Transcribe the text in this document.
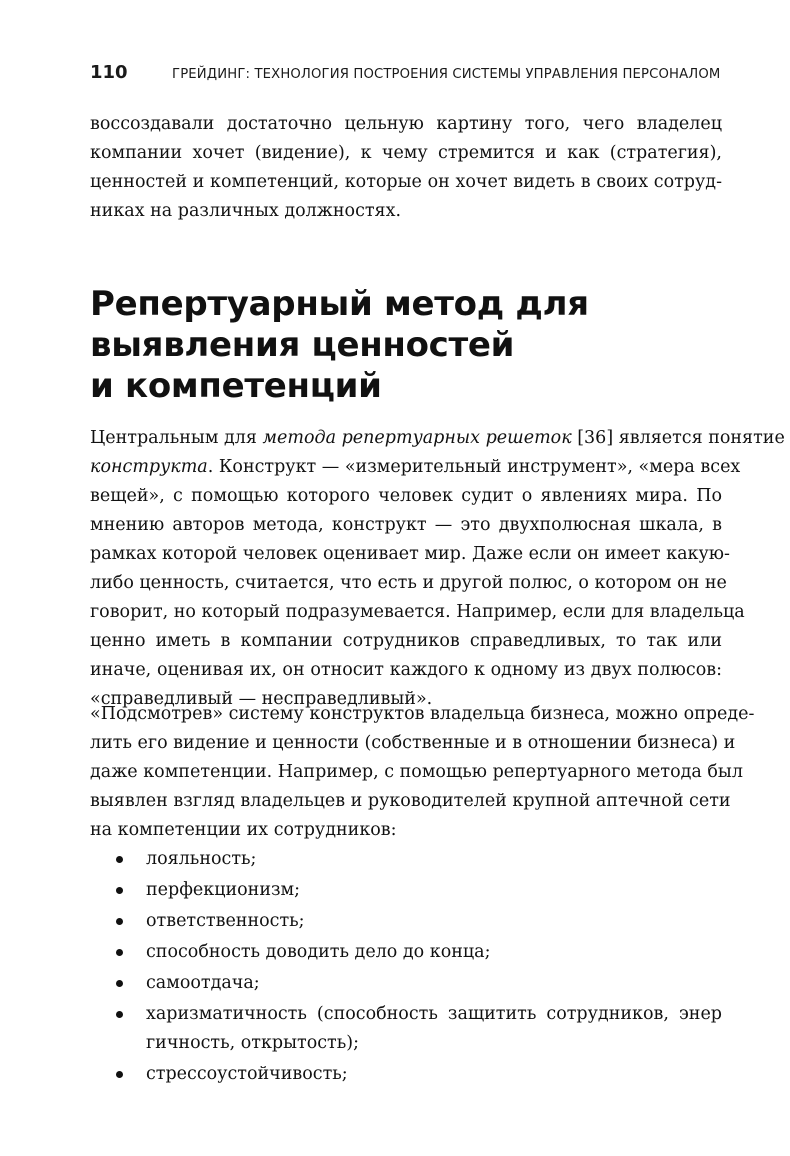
110	ГРЕЙДИНГ: ТЕХНОЛОГИЯ ПОСТРОЕНИЯ СИСТЕМЫ УПРАВЛЕНИЯ ПЕРСОНАЛОМ

воссоздавали достаточно цельную картину того, чего владелец
компании хочет (видение), к чему стремится и как (стратегия),
ценностей и компетенций, которые он хочет видеть в своих сотруд-
никах на различных должностях.

Репертуарный метод для
выявления ценностей
и компетенций

Центральным для метода репертуарных решеток [36] является понятие
конструкта. Конструкт — «измерительный инструмент», «мера всех
вещей», с помощью которого человек судит о явлениях мира. По
мнению авторов метода, конструкт — это двухполюсная шкала, в
рамках которой человек оценивает мир. Даже если он имеет какую-
либо ценность, считается, что есть и другой полюс, о котором он не
говорит, но который подразумевается. Например, если для владельца
ценно иметь в компании сотрудников справедливых, то так или
иначе, оценивая их, он относит каждого к одному из двух полюсов:
«справедливый — несправедливый».

«Подсмотрев» систему конструктов владельца бизнеса, можно опреде-
лить его видение и ценности (собственные и в отношении бизнеса) и
даже компетенции. Например, с помощью репертуарного метода был
выявлен взгляд владельцев и руководителей крупной аптечной сети
на компетенции их сотрудников:

лояльность;
перфекционизм;
ответственность;
способность доводить дело до конца;
самоотдача;
харизматичность (способность защитить сотрудников, энер
гичность, открытость);
стрессоустойчивость;
